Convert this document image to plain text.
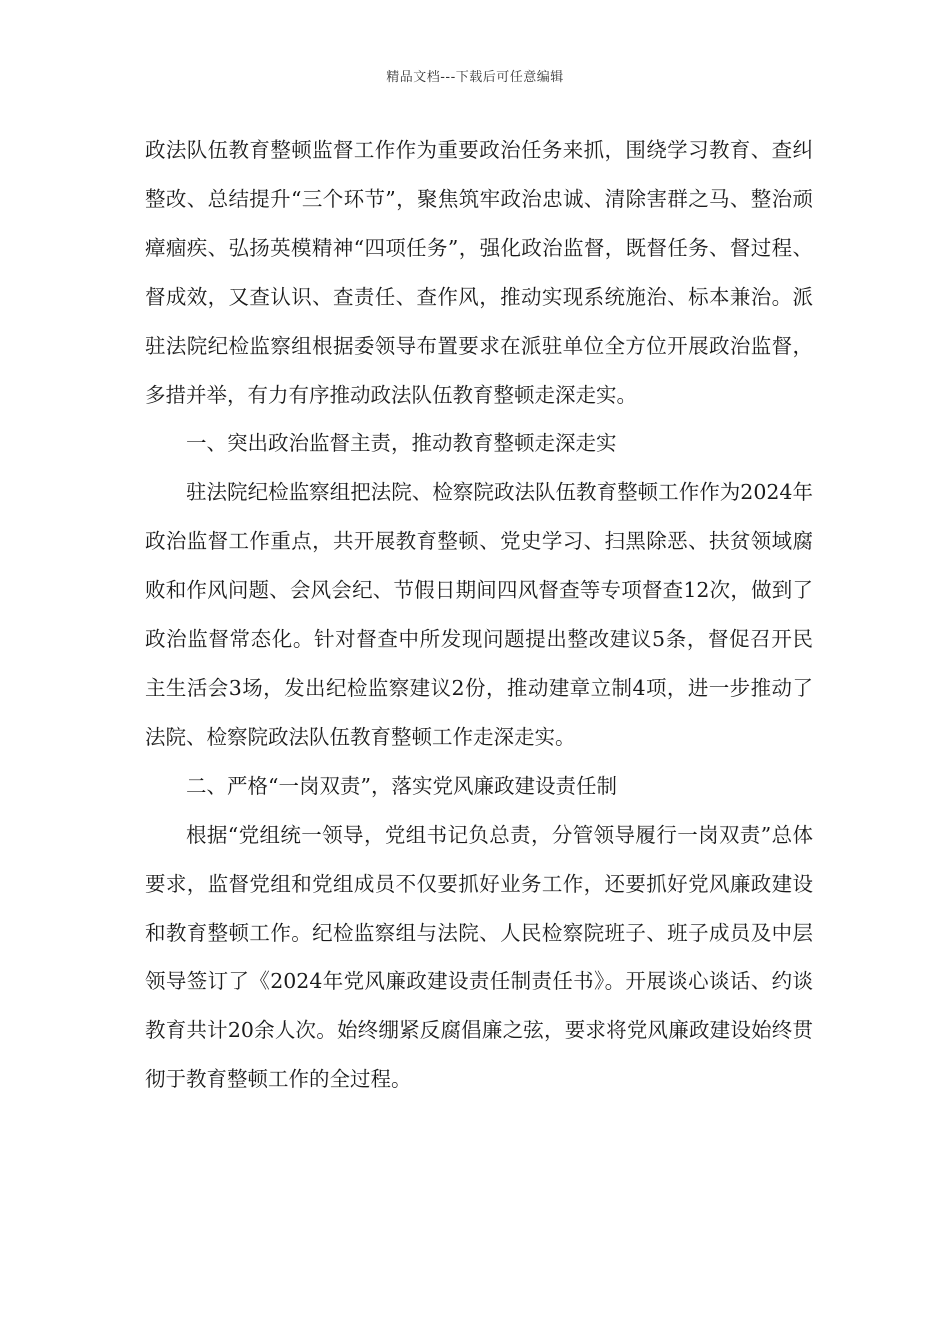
精品文档---下载后可任意编辑

政法队伍教育整顿监督工作作为重要政治任务来抓，围绕学习教育、查纠整改、总结提升“三个环节”，聚焦筑牢政治忠诚、清除害群之马、整治顽瘴痼疾、弘扬英模精神“四项任务”，强化政治监督，既督任务、督过程、督成效，又查认识、查责任、查作风，推动实现系统施治、标本兼治。派驻法院纪检监察组根据委领导布置要求在派驻单位全方位开展政治监督，多措并举，有力有序推动政法队伍教育整顿走深走实。

一、突出政治监督主责，推动教育整顿走深走实

驻法院纪检监察组把法院、检察院政法队伍教育整顿工作作为2024年政治监督工作重点，共开展教育整顿、党史学习、扫黑除恶、扶贫领域腐败和作风问题、会风会纪、节假日期间四风督查等专项督查12次，做到了政治监督常态化。针对督查中所发现问题提出整改建议5条，督促召开民主生活会3场，发出纪检监察建议2份，推动建章立制4项，进一步推动了法院、检察院政法队伍教育整顿工作走深走实。

二、严格“一岗双责”，落实党风廉政建设责任制

根据“党组统一领导，党组书记负总责，分管领导履行一岗双责”总体要求，监督党组和党组成员不仅要抓好业务工作，还要抓好党风廉政建设和教育整顿工作。纪检监察组与法院、人民检察院班子、班子成员及中层领导签订了《2024年党风廉政建设责任制责任书》。开展谈心谈话、约谈教育共计20余人次。始终绷紧反腐倡廉之弦，要求将党风廉政建设始终贯彻于教育整顿工作的全过程。
